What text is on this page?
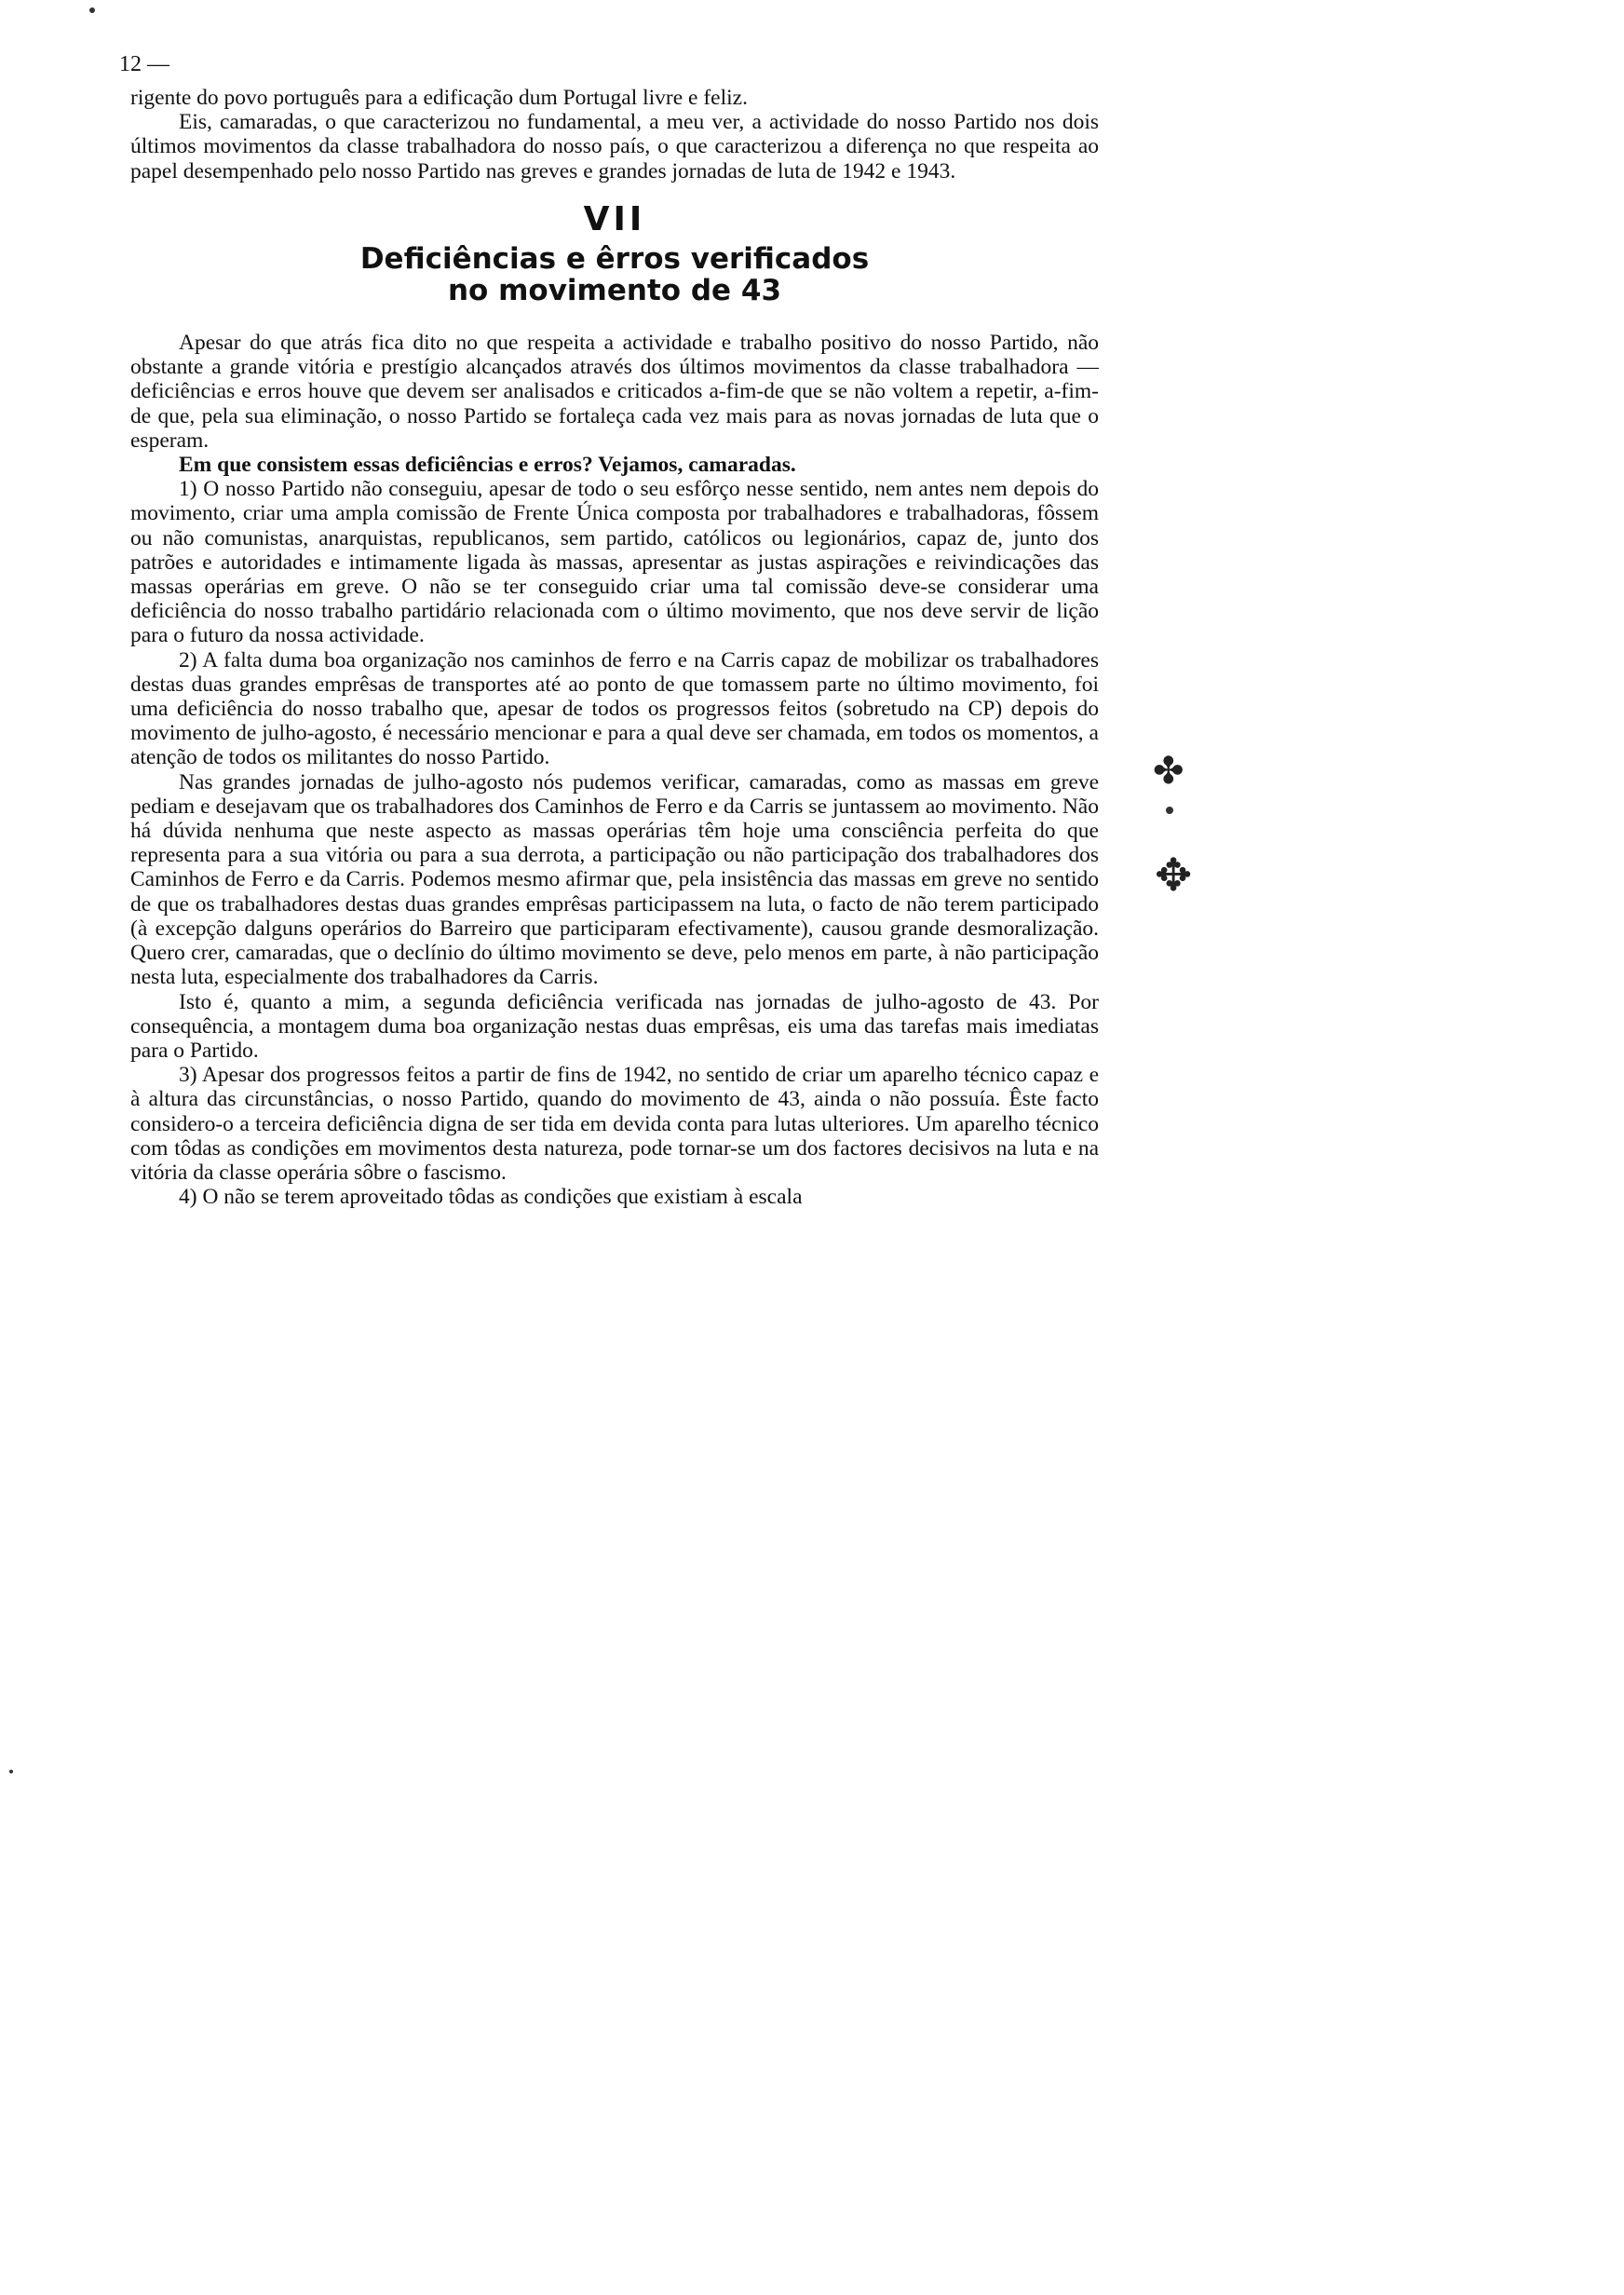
12 —

rigente do povo português para a edificação dum Portugal livre e feliz.

Eis, camaradas, o que caracterizou no fundamental, a meu ver, a actividade do nosso Partido nos dois últimos movimentos da classe trabalhadora do nosso país, o que caracterizou a diferença no que respeita ao papel desempenhado pelo nosso Partido nas greves e grandes jornadas de luta de 1942 e 1943.

VII
Deficiências e êrros verificados
no movimento de 43

Apesar do que atrás fica dito no que respeita a actividade e trabalho positivo do nosso Partido, não obstante a grande vitória e prestígio alcançados através dos últimos movimentos da classe trabalhadora —deficiências e erros houve que devem ser analisados e criticados a-fim-de que se não voltem a repetir, a-fim-de que, pela sua eliminação, o nosso Partido se fortaleça cada vez mais para as novas jornadas de luta que o esperam.

Em que consistem essas deficiências e erros? Vejamos, camaradas.

1) O nosso Partido não conseguiu, apesar de todo o seu esfôrço nesse sentido, nem antes nem depois do movimento, criar uma ampla comissão de Frente Única composta por trabalhadores e trabalhadoras, fôssem ou não comunistas, anarquistas, republicanos, sem partido, católicos ou legionários, capaz de, junto dos patrões e autoridades e intimamente ligada às massas, apresentar as justas aspirações e reivindicações das massas operárias em greve. O não se ter conseguido criar uma tal comissão deve-se considerar uma deficiência do nosso trabalho partidário relacionada com o último movimento, que nos deve servir de lição para o futuro da nossa actividade.

2) A falta duma boa organização nos caminhos de ferro e na Carris capaz de mobilizar os trabalhadores destas duas grandes emprêsas de transportes até ao ponto de que tomassem parte no último movimento, foi uma deficiência do nosso trabalho que, apesar de todos os progressos feitos (sobretudo na CP) depois do movimento de julho-agosto, é necessário mencionar e para a qual deve ser chamada, em todos os momentos, a atenção de todos os militantes do nosso Partido.

Nas grandes jornadas de julho-agosto nós pudemos verificar, camaradas, como as massas em greve pediam e desejavam que os trabalhadores dos Caminhos de Ferro e da Carris se juntassem ao movimento. Não há dúvida nenhuma que neste aspecto as massas operárias têm hoje uma consciência perfeita do que representa para a sua vitória ou para a sua derrota, a participação ou não participação dos trabalhadores dos Caminhos de Ferro e da Carris. Podemos mesmo afirmar que, pela insistência das massas em greve no sentido de que os trabalhadores destas duas grandes emprêsas participassem na luta, o facto de não terem participado (à excepção dalguns operários do Barreiro que participaram efectivamente), causou grande desmoralização. Quero crer, camaradas, que o declínio do último movimento se deve, pelo menos em parte, à não participação nesta luta, especialmente dos trabalhadores da Carris.

Isto é, quanto a mim, a segunda deficiência verificada nas jornadas de julho-agosto de 43. Por consequência, a montagem duma boa organização nestas duas emprêsas, eis uma das tarefas mais imediatas para o Partido.

3) Apesar dos progressos feitos a partir de fins de 1942, no sentido de criar um aparelho técnico capaz e à altura das circunstâncias, o nosso Partido, quando do movimento de 43, ainda o não possuía. Êste facto considero-o a terceira deficiência digna de ser tida em devida conta para lutas ulteriores. Um aparelho técnico com tôdas as condições em movimentos desta natureza, pode tornar-se um dos factores decisivos na luta e na vitória da classe operária sôbre o fascismo.

4) O não se terem aproveitado tôdas as condições que existiam à escala

✤
✥
